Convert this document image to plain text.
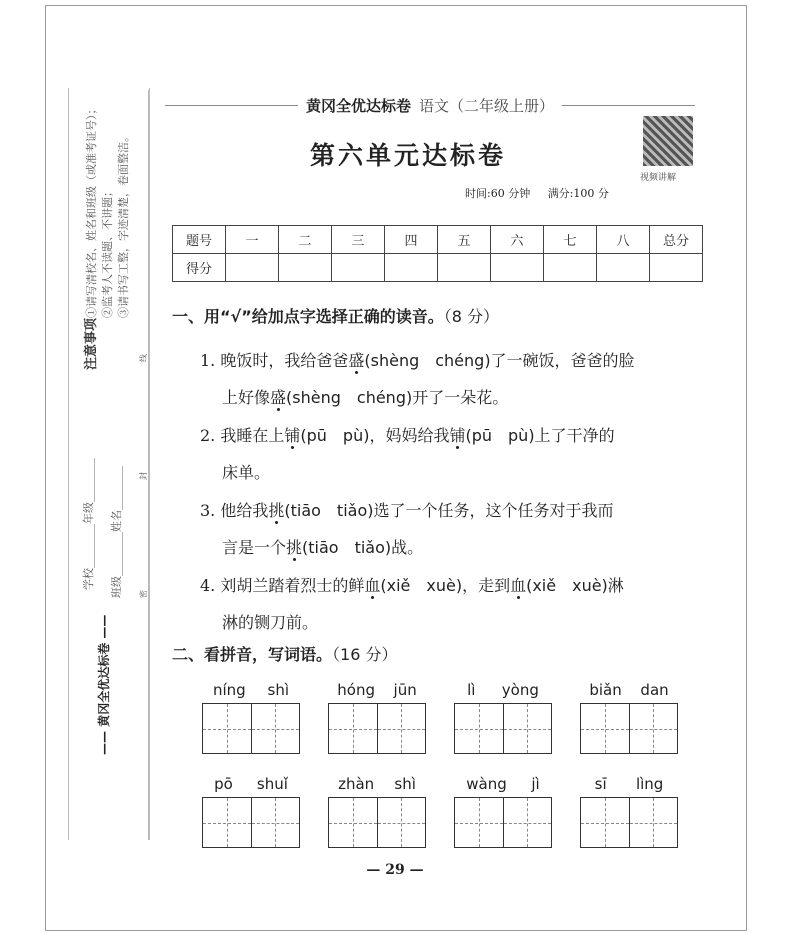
注意事项
①请写清校名、姓名和班级（或准考证号）； ②监考人不读题、不讲题； ③请书写工整，字迹清楚，卷面整洁。
线
学校________年级________
班级________姓名________ 封
密
—— 黄冈全优达标卷 ——
黄冈全优达标卷 语文（二年级上册）
第六单元达标卷
视频讲解
时间:60 分钟 满分:100 分
题号	一	二	三	四	五	六	七	八	总分
得分									
一、用“√”给加点字选择正确的读音。（8 分）
1. 晚饭时，我给爸爸盛(shèng　chéng)了一碗饭，爸爸的脸
上好像盛(shèng　chéng)开了一朵花。
2. 我睡在上铺(pū　pù)，妈妈给我铺(pū　pù)上了干净的
床单。
3. 他给我挑(tiāo　tiǎo)选了一个任务，这个任务对于我而
言是一个挑(tiāo　tiǎo)战。
4. 刘胡兰踏着烈士的鲜血(xiě　xuè)，走到血(xiě　xuè)淋
淋的铡刀前。
二、看拼音，写词语。（16 分）
níng shì	hóng jūn	lì yòng	biǎn dan
pō shuǐ	zhàn shì	wàng jì	sī lìng
— 29 —
